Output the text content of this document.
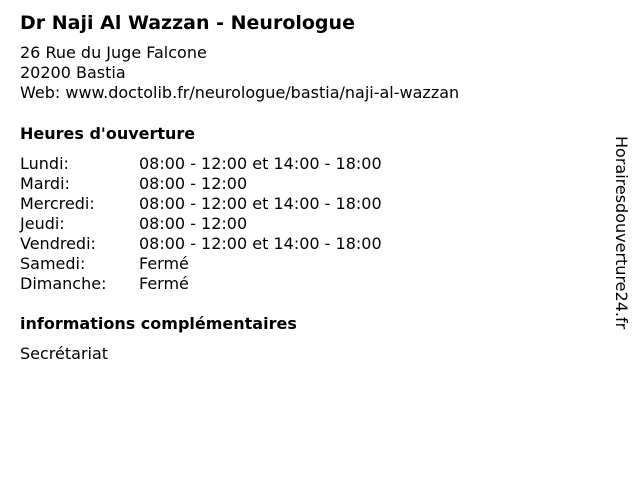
Dr Naji Al Wazzan - Neurologue
26 Rue du Juge Falcone
20200 Bastia
Web: www.doctolib.fr/neurologue/bastia/naji-al-wazzan
Heures d'ouverture
Lundi:	08:00 - 12:00 et 14:00 - 18:00
Mardi:	08:00 - 12:00
Mercredi:	08:00 - 12:00 et 14:00 - 18:00
Jeudi:	08:00 - 12:00
Vendredi:	08:00 - 12:00 et 14:00 - 18:00
Samedi:	Fermé
Dimanche:	Fermé
informations complémentaires
Secrétariat
Horairesdouverture24.fr
